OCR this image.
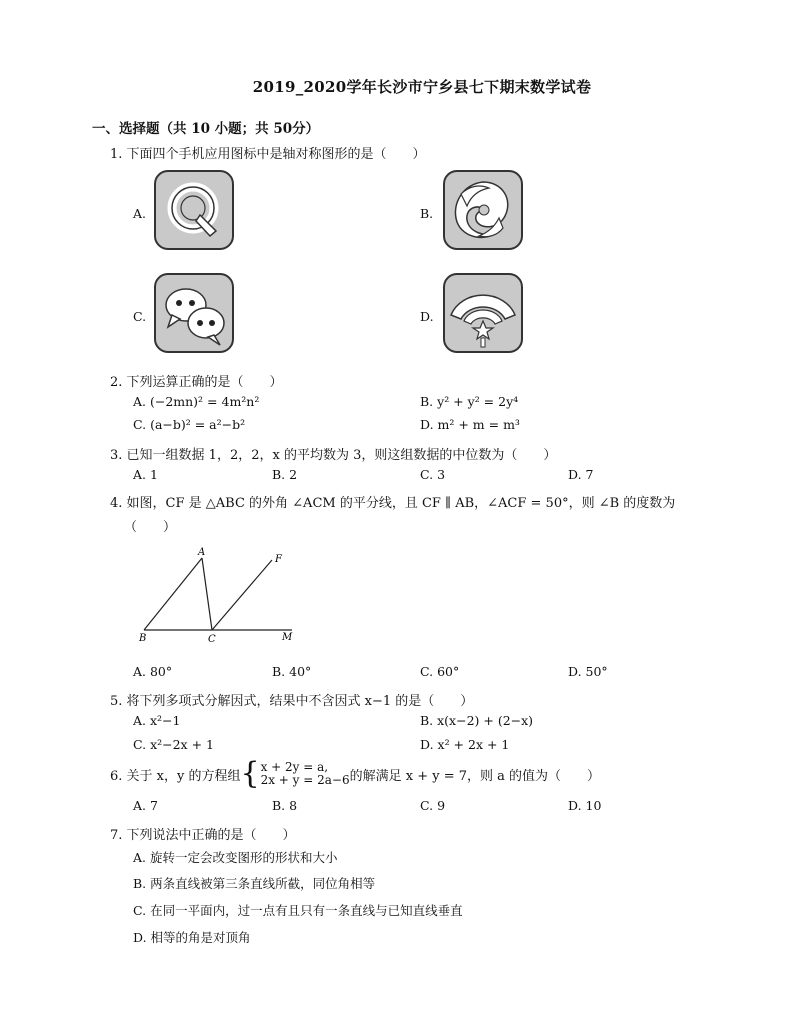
2019_2020学年长沙市宁乡县七下期末数学试卷
一、选择题（共 10 小题；共 50分）
1. 下面四个手机应用图标中是轴对称图形的是（　　）
A.	B.
C.	D.
2. 下列运算正确的是（　　）
A. (−2mn)² = 4m²n²	B. y² + y² = 2y⁴
C. (a−b)² = a²−b²	D. m² + m = m³
3. 已知一组数据 1，2，2，x 的平均数为 3，则这组数据的中位数为（　　）
A. 1	B. 2	C. 3	D. 7
4. 如图，CF 是 △ABC 的外角 ∠ACM 的平分线，且 CF ∥ AB，∠ACF = 50°，则 ∠B 的度数为
（　　）
A
F
B	C	M
A. 80°	B. 40°	C. 60°	D. 50°
5. 将下列多项式分解因式，结果中不含因式 x−1 的是（　　）
A. x²−1	B. x(x−2) + (2−x)
C. x²−2x + 1	D. x² + 2x + 1
6. 关于 x，y 的方程组 { x + 2y = a,
2x + y = 2a−6 的解满足 x + y = 7，则 a 的值为（　　）
A. 7	B. 8	C. 9	D. 10
7. 下列说法中正确的是（　　）
A. 旋转一定会改变图形的形状和大小
B. 两条直线被第三条直线所截，同位角相等
C. 在同一平面内，过一点有且只有一条直线与已知直线垂直
D. 相等的角是对顶角
